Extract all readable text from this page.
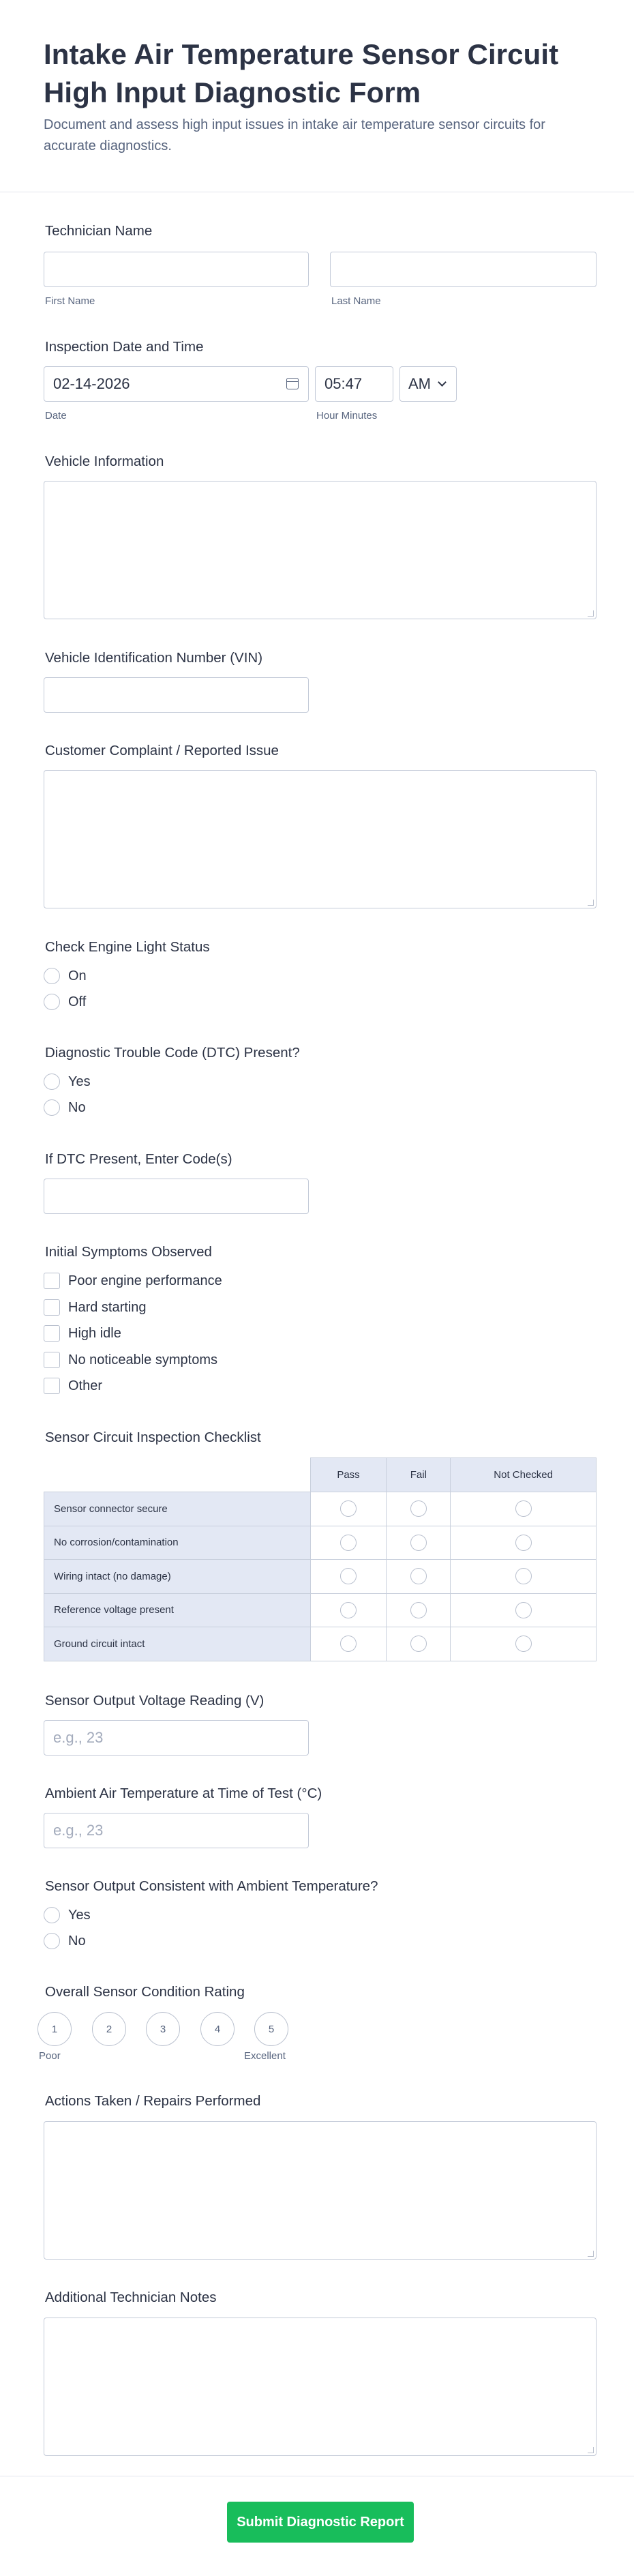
Intake Air Temperature Sensor Circuit High Input Diagnostic Form

Document and assess high input issues in intake air temperature sensor circuits for accurate diagnostics.

Technician Name
First Name	Last Name
Inspection Date and Time
02-14-2026	05:47	AM
Date	Hour Minutes
Vehicle Information
Vehicle Identification Number (VIN)
Customer Complaint / Reported Issue
Check Engine Light Status
On
Off
Diagnostic Trouble Code (DTC) Present?
Yes
No
If DTC Present, Enter Code(s)
Initial Symptoms Observed
Poor engine performance
Hard starting
High idle
No noticeable symptoms
Other
Sensor Circuit Inspection Checklist
	Pass	Fail	Not Checked
Sensor connector secure			
No corrosion/contamination			
Wiring intact (no damage)			
Reference voltage present			
Ground circuit intact			
Sensor Output Voltage Reading (V)
e.g., 23
Ambient Air Temperature at Time of Test (°C)
e.g., 23
Sensor Output Consistent with Ambient Temperature?
Yes
No
Overall Sensor Condition Rating
1	2	3	4	5
Poor	Excellent
Actions Taken / Repairs Performed
Additional Technician Notes
Submit Diagnostic Report
